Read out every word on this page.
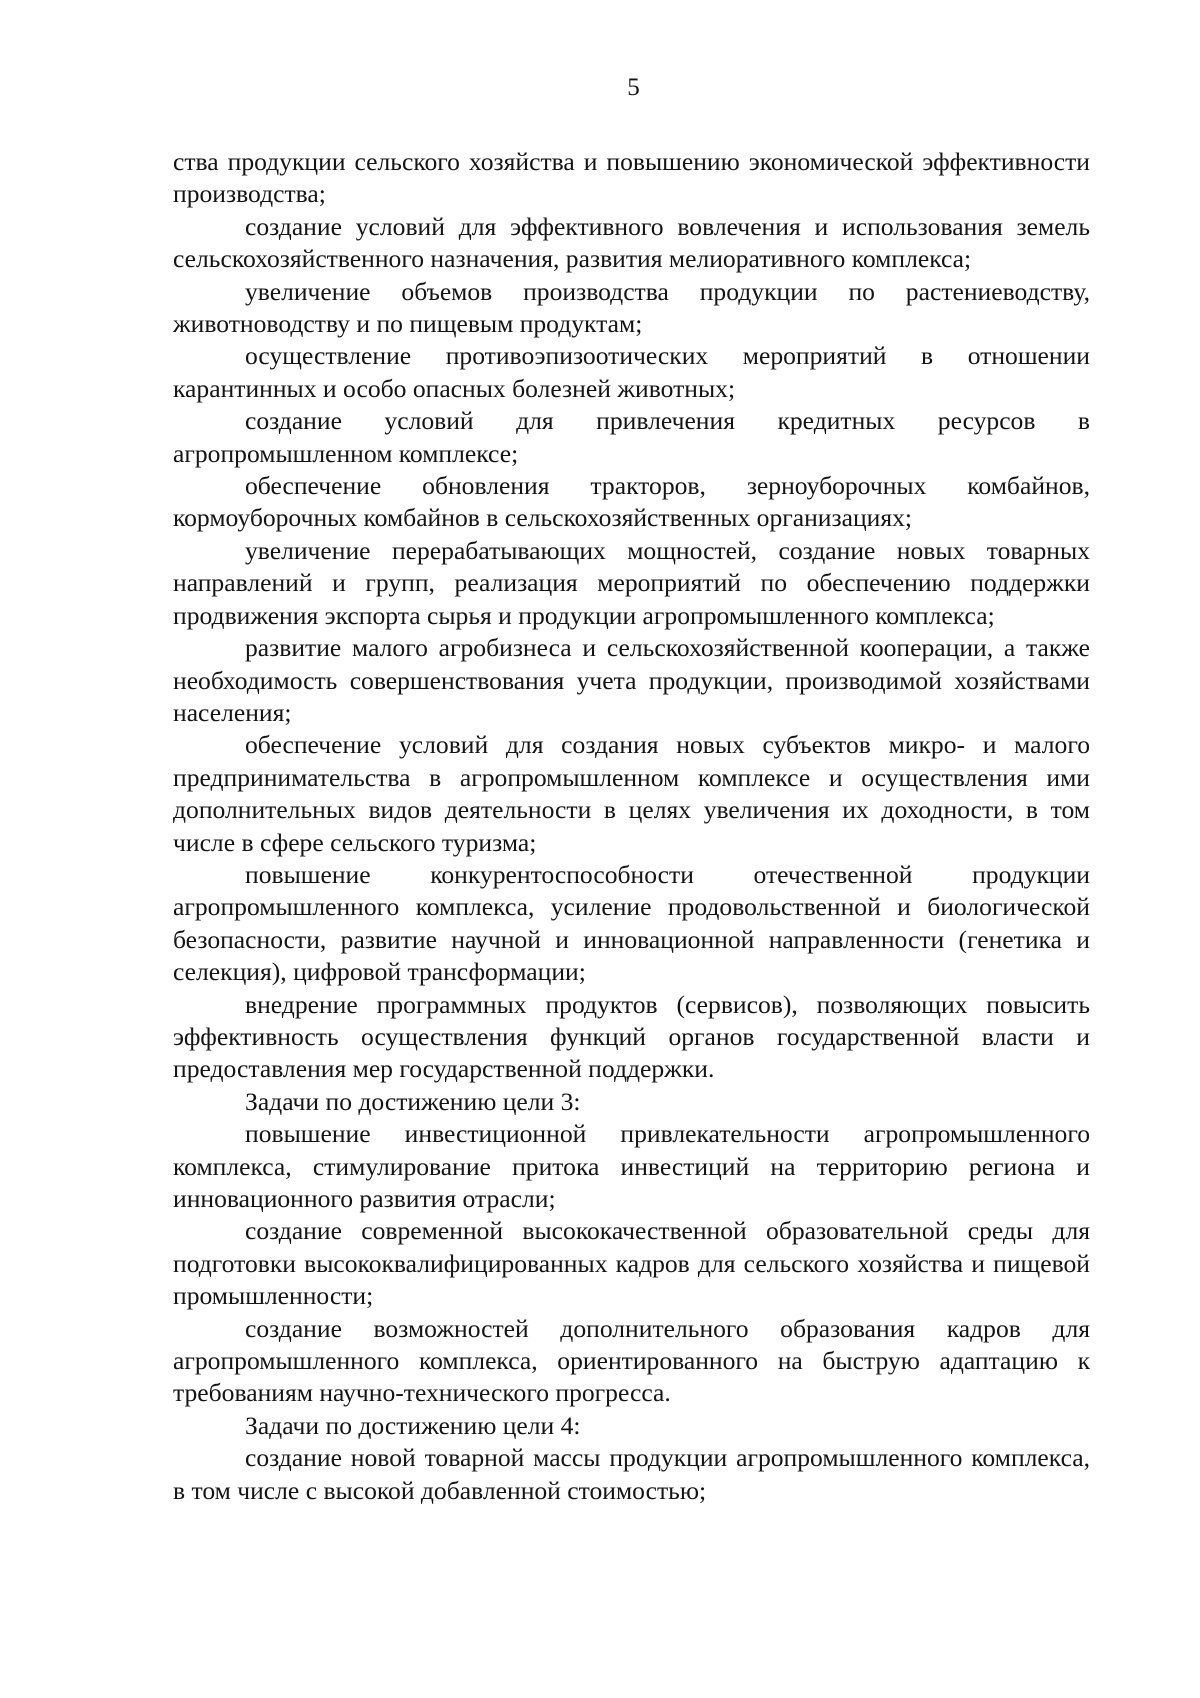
5

ства продукции сельского хозяйства и повышению экономической эффективности производства;

создание условий для эффективного вовлечения и использования земель сельскохозяйственного назначения, развития мелиоративного комплекса;

увеличение объемов производства продукции по растениеводству, животноводству и по пищевым продуктам;

осуществление противоэпизоотических мероприятий в отношении карантинных и особо опасных болезней животных;

создание условий для привлечения кредитных ресурсов в агропромышленном комплексе;

обеспечение обновления тракторов, зерноуборочных комбайнов, кормоуборочных комбайнов в сельскохозяйственных организациях;

увеличение перерабатывающих мощностей, создание новых товарных направлений и групп, реализация мероприятий по обеспечению поддержки продвижения экспорта сырья и продукции агропромышленного комплекса;

развитие малого агробизнеса и сельскохозяйственной кооперации, а также необходимость совершенствования учета продукции, производимой хозяйствами населения;

обеспечение условий для создания новых субъектов микро- и малого предпринимательства в агропромышленном комплексе и осуществления ими дополнительных видов деятельности в целях увеличения их доходности, в том числе в сфере сельского туризма;

повышение конкурентоспособности отечественной продукции агропромышленного комплекса, усиление продовольственной и биологической безопасности, развитие научной и инновационной направленности (генетика и селекция), цифровой трансформации;

внедрение программных продуктов (сервисов), позволяющих повысить эффективность осуществления функций органов государственной власти и предоставления мер государственной поддержки.

Задачи по достижению цели 3:

повышение инвестиционной привлекательности агропромышленного комплекса, стимулирование притока инвестиций на территорию региона и инновационного развития отрасли;

создание современной высококачественной образовательной среды для подготовки высококвалифицированных кадров для сельского хозяйства и пищевой промышленности;

создание возможностей дополнительного образования кадров для агропромышленного комплекса, ориентированного на быструю адаптацию к требованиям научно-технического прогресса.

Задачи по достижению цели 4:

создание новой товарной массы продукции агропромышленного комплекса, в том числе с высокой добавленной стоимостью;
